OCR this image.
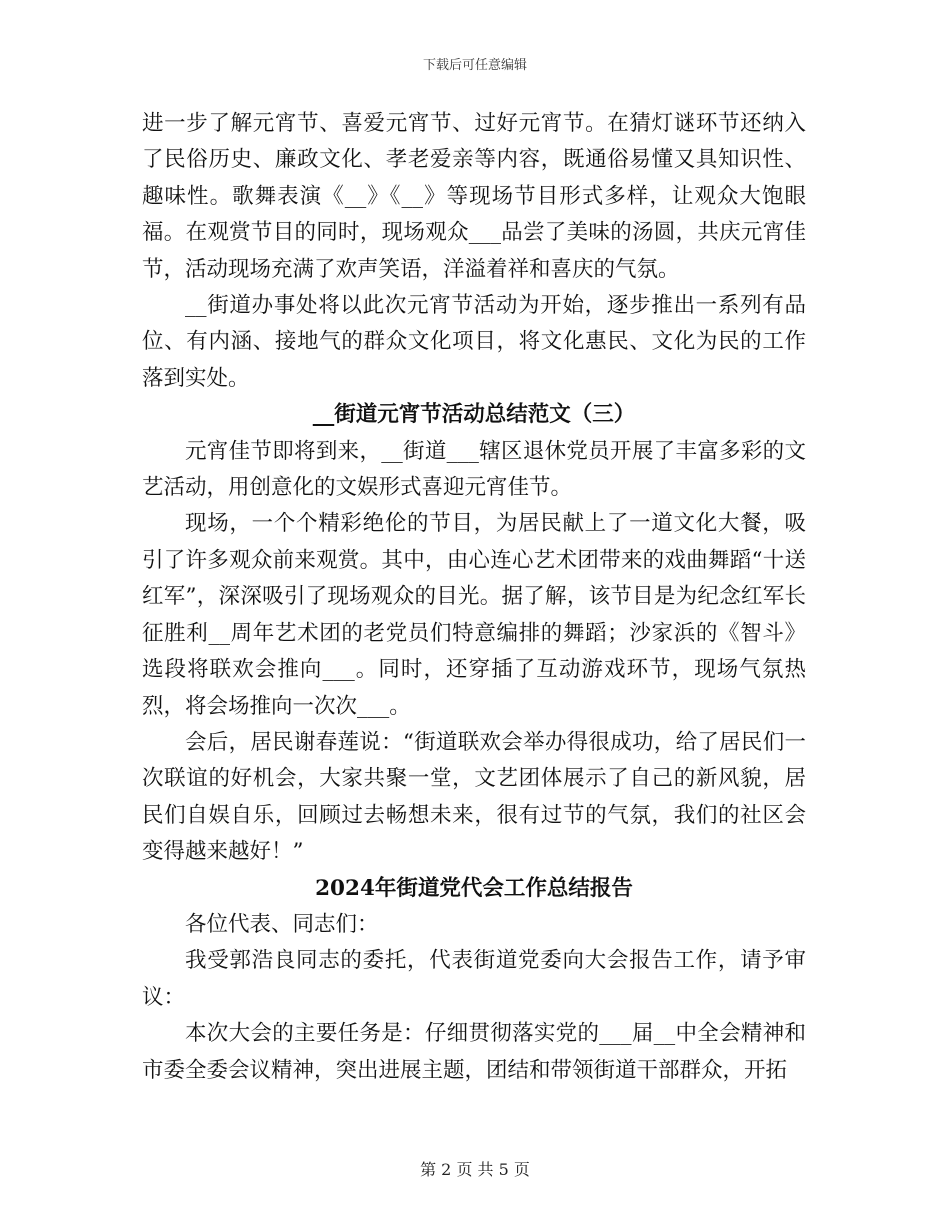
下载后可任意编辑

进一步了解元宵节、喜爱元宵节、过好元宵节。在猜灯谜环节还纳入了民俗历史、廉政文化、孝老爱亲等内容，既通俗易懂又具知识性、趣味性。歌舞表演《__》《__》等现场节目形式多样，让观众大饱眼福。在观赏节目的同时，现场观众___品尝了美味的汤圆，共庆元宵佳节，活动现场充满了欢声笑语，洋溢着祥和喜庆的气氛。

__街道办事处将以此次元宵节活动为开始，逐步推出一系列有品位、有内涵、接地气的群众文化项目，将文化惠民、文化为民的工作落到实处。

__街道元宵节活动总结范文（三）

元宵佳节即将到来，__街道___辖区退休党员开展了丰富多彩的文艺活动，用创意化的文娱形式喜迎元宵佳节。

现场，一个个精彩绝伦的节目，为居民献上了一道文化大餐，吸引了许多观众前来观赏。其中，由心连心艺术团带来的戏曲舞蹈“十送红军”，深深吸引了现场观众的目光。据了解，该节目是为纪念红军长征胜利__周年艺术团的老党员们特意编排的舞蹈；沙家浜的《智斗》选段将联欢会推向___。同时，还穿插了互动游戏环节，现场气氛热烈，将会场推向一次次___。

会后，居民谢春莲说：“街道联欢会举办得很成功，给了居民们一次联谊的好机会，大家共聚一堂，文艺团体展示了自己的新风貌，居民们自娱自乐，回顾过去畅想未来，很有过节的气氛，我们的社区会变得越来越好！”

2024年街道党代会工作总结报告

各位代表、同志们：

我受郭浩良同志的委托，代表街道党委向大会报告工作，请予审议：

本次大会的主要任务是：仔细贯彻落实党的___届__中全会精神和市委全委会议精神，突出进展主题，团结和带领街道干部群众，开拓

第 2 页 共 5 页
